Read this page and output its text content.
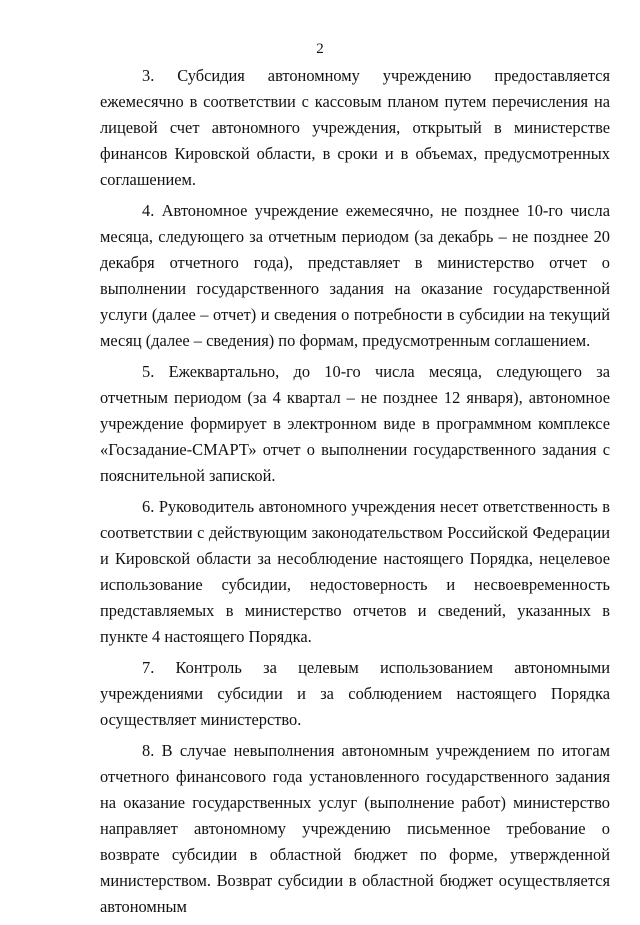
2

3. Субсидия автономному учреждению предоставляется ежемесячно в соответствии с кассовым планом путем перечисления на лицевой счет автономного учреждения, открытый в министерстве финансов Кировской области, в сроки и в объемах, предусмотренных соглашением.

4. Автономное учреждение ежемесячно, не позднее 10-го числа месяца, следующего за отчетным периодом (за декабрь – не позднее 20 декабря отчетного года), представляет в министерство отчет о выполнении государственного задания на оказание государственной услуги (далее – отчет) и сведения о потребности в субсидии на текущий месяц (далее – сведения) по формам, предусмотренным соглашением.

5. Ежеквартально, до 10-го числа месяца, следующего за отчетным периодом (за 4 квартал – не позднее 12 января), автономное учреждение формирует в электронном виде в программном комплексе «Госзадание-СМАРТ» отчет о выполнении государственного задания с пояснительной запиской.

6. Руководитель автономного учреждения несет ответственность в соответствии с действующим законодательством Российской Федерации и Кировской области за несоблюдение настоящего Порядка, нецелевое использование субсидии, недостоверность и несвоевременность представляемых в министерство отчетов и сведений, указанных в пункте 4 настоящего Порядка.

7. Контроль за целевым использованием автономными учреждениями субсидии и за соблюдением настоящего Порядка осуществляет министерство.

8. В случае невыполнения автономным учреждением по итогам отчетного финансового года установленного государственного задания на оказание государственных услуг (выполнение работ) министерство направляет автономному учреждению письменное требование о возврате субсидии в областной бюджет по форме, утвержденной министерством. Возврат субсидии в областной бюджет осуществляется автономным
